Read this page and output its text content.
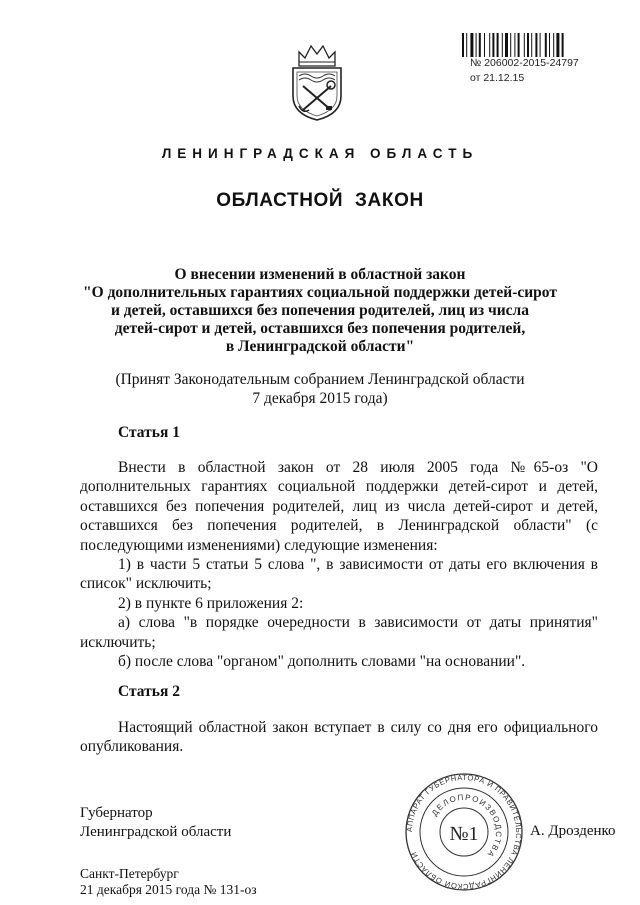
№ 206002-2015-24797
от 21.12.15
ЛЕНИНГРАДСКАЯ ОБЛАСТЬ
ОБЛАСТНОЙ ЗАКОН
О внесении изменений в областной закон
"О дополнительных гарантиях социальной поддержки детей-сирот
и детей, оставшихся без попечения родителей, лиц из числа
детей-сирот и детей, оставшихся без попечения родителей,
в Ленинградской области"
(Принят Законодательным собранием Ленинградской области
7 декабря 2015 года)
Статья 1

Внести в областной закон от 28 июля 2005 года №65-оз "О дополнительных гарантиях социальной поддержки детей-сирот и детей, оставшихся без попечения родителей, лиц из числа детей-сирот и детей, оставшихся без попечения родителей, в Ленинградской области" (с последующими изменениями) следующие изменения:

1) в части 5 статьи 5 слова ", в зависимости от даты его включения в список" исключить;

2) в пункте 6 приложения 2:

а) слова "в порядке очередности в зависимости от даты принятия" исключить;

б) после слова "органом" дополнить словами "на основании".

Статья 2

Настоящий областной закон вступает в силу со дня его официального опубликования.

Губернатор
Ленинградской области	АППАРАТ ГУБЕРНАТОРА И ПРАВИТЕЛЬСТВА ЛЕНИНГРАДСКОЙ ОБЛАСТИ
ДЕЛОПРОИЗВОДСТВА
№1	А. Дрозденко
Санкт-Петербург
21 декабря 2015 года № 131-оз
